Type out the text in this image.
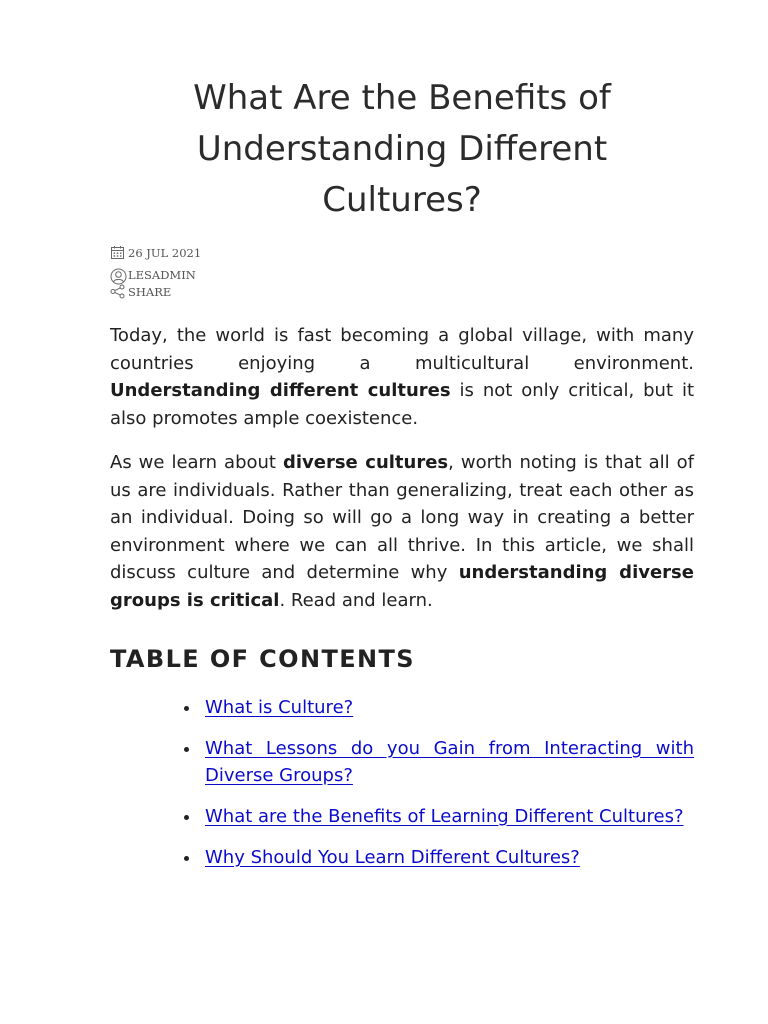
What Are the Benefits of Understanding Different Cultures?
26 JUL 2021
LESADMIN
SHARE

Today, the world is fast becoming a global village, with many countries enjoying a multicultural environment. Understanding different cultures is not only critical, but it also promotes ample coexistence.

As we learn about diverse cultures, worth noting is that all of us are individuals. Rather than generalizing, treat each other as an individual. Doing so will go a long way in creating a better environment where we can all thrive. In this article, we shall discuss culture and determine why understanding diverse groups is critical. Read and learn.

TABLE OF CONTENTS
What is Culture?
What Lessons do you Gain from Interacting with Diverse Groups?
What are the Benefits of Learning Different Cultures?
Why Should You Learn Different Cultures?
